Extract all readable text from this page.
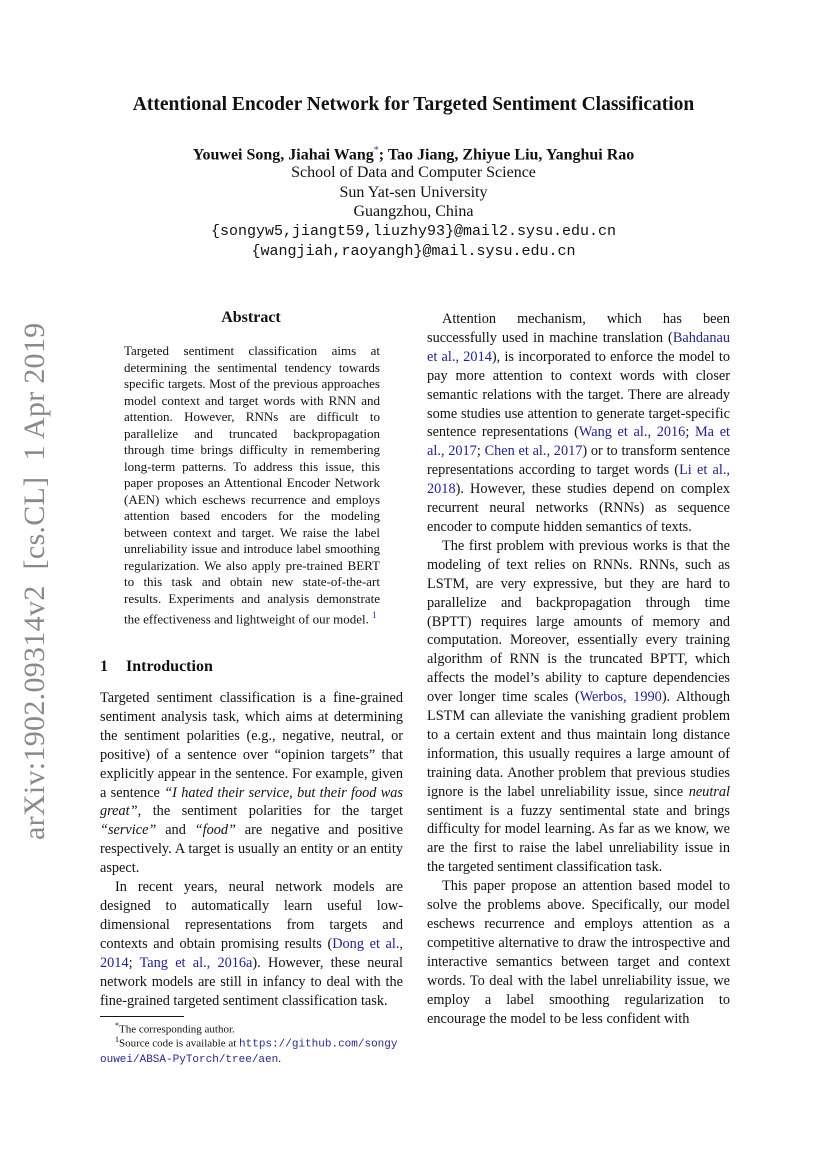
arXiv:1902.09314v2[cs.CL]1 Apr 2019
Attentional Encoder Network for Targeted Sentiment Classification
Youwei Song, Jiahai Wang*; Tao Jiang, Zhiyue Liu, Yanghui Rao
School of Data and Computer Science
Sun Yat-sen University
Guangzhou, China
{songyw5,jiangt59,liuzhy93}@mail2.sysu.edu.cn
{wangjiah,raoyangh}@mail.sysu.edu.cn
Abstract
Targeted sentiment classification aims at determining the sentimental tendency towards specific targets. Most of the previous approaches model context and target words with RNN and attention. However, RNNs are difficult to parallelize and truncated backpropagation through time brings difficulty in remembering long-term patterns. To address this issue, this paper proposes an Attentional Encoder Network (AEN) which eschews recurrence and employs attention based encoders for the modeling between context and target. We raise the label unreliability issue and introduce label smoothing regularization. We also apply pre-trained BERT to this task and obtain new state-of-the-art results. Experiments and analysis demonstrate the effectiveness and lightweight of our model. $^1$
1 Introduction

Targeted sentiment classification is a fine-grained sentiment analysis task, which aims at determining the sentiment polarities (e.g., negative, neutral, or positive) of a sentence over “opinion targets” that explicitly appear in the sentence. For example, given a sentence “I hated their service, but their food was great”, the sentiment polarities for the target “service” and “food” are negative and positive respectively. A target is usually an entity or an entity aspect.

In recent years, neural network models are designed to automatically learn useful low-dimensional representations from targets and contexts and obtain promising results (Dong et al., 2014; Tang et al., 2016a). However, these neural network models are still in infancy to deal with the fine-grained targeted sentiment classification task.

*The corresponding author.
$^1$Source code is available at https://github.com/songyouwei/ABSA-PyTorch/tree/aen.

Attention mechanism, which has been successfully used in machine translation (Bahdanau et al., 2014), is incorporated to enforce the model to pay more attention to context words with closer semantic relations with the target. There are already some studies use attention to generate target-specific sentence representations (Wang et al., 2016; Ma et al., 2017; Chen et al., 2017) or to transform sentence representations according to target words (Li et al., 2018). However, these studies depend on complex recurrent neural networks (RNNs) as sequence encoder to compute hidden semantics of texts.

The first problem with previous works is that the modeling of text relies on RNNs. RNNs, such as LSTM, are very expressive, but they are hard to parallelize and backpropagation through time (BPTT) requires large amounts of memory and computation. Moreover, essentially every training algorithm of RNN is the truncated BPTT, which affects the model’s ability to capture dependencies over longer time scales (Werbos, 1990). Although LSTM can alleviate the vanishing gradient problem to a certain extent and thus maintain long distance information, this usually requires a large amount of training data. Another problem that previous studies ignore is the label unreliability issue, since neutral sentiment is a fuzzy sentimental state and brings difficulty for model learning. As far as we know, we are the first to raise the label unreliability issue in the targeted sentiment classification task.

This paper propose an attention based model to solve the problems above. Specifically, our model eschews recurrence and employs attention as a competitive alternative to draw the introspective and interactive semantics between target and context words. To deal with the label unreliability issue, we employ a label smoothing regularization to encourage the model to be less confident with
